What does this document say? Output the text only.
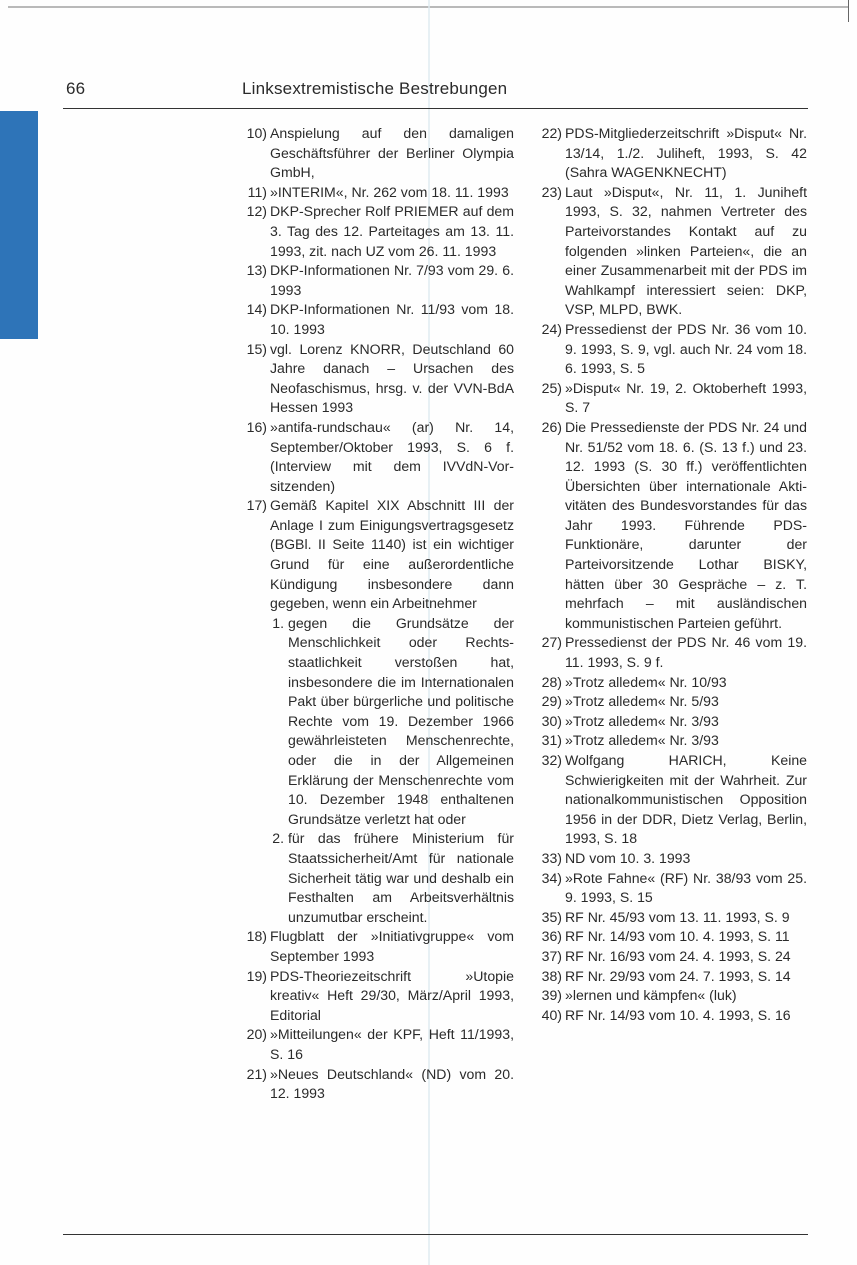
66	Linksextremistische Bestrebungen
10) Anspielung auf den damaligen Geschäftsführer der Berliner Olympia GmbH,
11) »INTERIM«, Nr. 262 vom 18. 11. 1993
12) DKP-Sprecher Rolf PRIEMER auf dem 3. Tag des 12. Parteitages am 13. 11. 1993, zit. nach UZ vom 26. 11. 1993
13) DKP-Informationen Nr. 7/93 vom 29. 6. 1993
14) DKP-Informationen Nr. 11/93 vom 18. 10. 1993
15) vgl. Lorenz KNORR, Deutschland 60 Jahre danach – Ursachen des Neofaschismus, hrsg. v. der VVN-BdA Hessen 1993
16) »antifa-rundschau« (ar) Nr. 14, September/Oktober 1993, S. 6 f. (Interview mit dem IVVdN-Vorsitzenden)
17) Gemäß Kapitel XIX Abschnitt III der Anlage I zum Einigungsvertragsgesetz (BGBl. II Seite 1140) ist ein wichtiger Grund für eine außerordentliche Kündigung insbesondere dann gegeben, wenn ein Arbeitnehmer
1. gegen die Grundsätze der Menschlichkeit oder Rechtsstaatlichkeit verstoßen hat, insbesondere die im Internationalen Pakt über bürgerliche und politische Rechte vom 19. Dezember 1966 gewährleisteten Menschenrechte, oder die in der Allgemeinen Erklärung der Menschenrechte vom 10. Dezember 1948 enthaltenen Grundsätze verletzt hat oder
2. für das frühere Ministerium für Staatssicherheit/Amt für nationale Sicherheit tätig war und deshalb ein Festhalten am Arbeitsverhältnis unzumutbar erscheint.
18) Flugblatt der »Initiativgruppe« vom September 1993
19) PDS-Theoriezeitschrift »Utopie kreativ« Heft 29/30, März/April 1993, Editorial
20) »Mitteilungen« der KPF, Heft 11/1993, S. 16
21) »Neues Deutschland« (ND) vom 20. 12. 1993
22) PDS-Mitgliederzeitschrift »Disput« Nr. 13/14, 1./2. Juliheft, 1993, S. 42 (Sahra WAGENKNECHT)
23) Laut »Disput«, Nr. 11, 1. Juniheft 1993, S. 32, nahmen Vertreter des Parteivorstandes Kontakt auf zu folgenden »linken Parteien«, die an einer Zusammenarbeit mit der PDS im Wahlkampf interessiert seien: DKP, VSP, MLPD, BWK.
24) Pressedienst der PDS Nr. 36 vom 10. 9. 1993, S. 9, vgl. auch Nr. 24 vom 18. 6. 1993, S. 5
25) »Disput« Nr. 19, 2. Oktoberheft 1993, S. 7
26) Die Pressedienste der PDS Nr. 24 und Nr. 51/52 vom 18. 6. (S. 13 f.) und 23. 12. 1993 (S. 30 ff.) veröffentlichten Übersichten über internationale Aktivitäten des Bundesvorstandes für das Jahr 1993. Führende PDS-Funktionäre, darunter der Parteivorsitzende Lothar BISKY, hätten über 30 Gespräche – z. T. mehrfach – mit ausländischen kommunistischen Parteien geführt.
27) Pressedienst der PDS Nr. 46 vom 19. 11. 1993, S. 9 f.
28) »Trotz alledem« Nr. 10/93
29) »Trotz alledem« Nr. 5/93
30) »Trotz alledem« Nr. 3/93
31) »Trotz alledem« Nr. 3/93
32) Wolfgang HARICH, Keine Schwierigkeiten mit der Wahrheit. Zur nationalkommunistischen Opposition 1956 in der DDR, Dietz Verlag, Berlin, 1993, S. 18
33) ND vom 10. 3. 1993
34) »Rote Fahne« (RF) Nr. 38/93 vom 25. 9. 1993, S. 15
35) RF Nr. 45/93 vom 13. 11. 1993, S. 9
36) RF Nr. 14/93 vom 10. 4. 1993, S. 11
37) RF Nr. 16/93 vom 24. 4. 1993, S. 24
38) RF Nr. 29/93 vom 24. 7. 1993, S. 14
39) »lernen und kämpfen« (luk)
40) RF Nr. 14/93 vom 10. 4. 1993, S. 16
